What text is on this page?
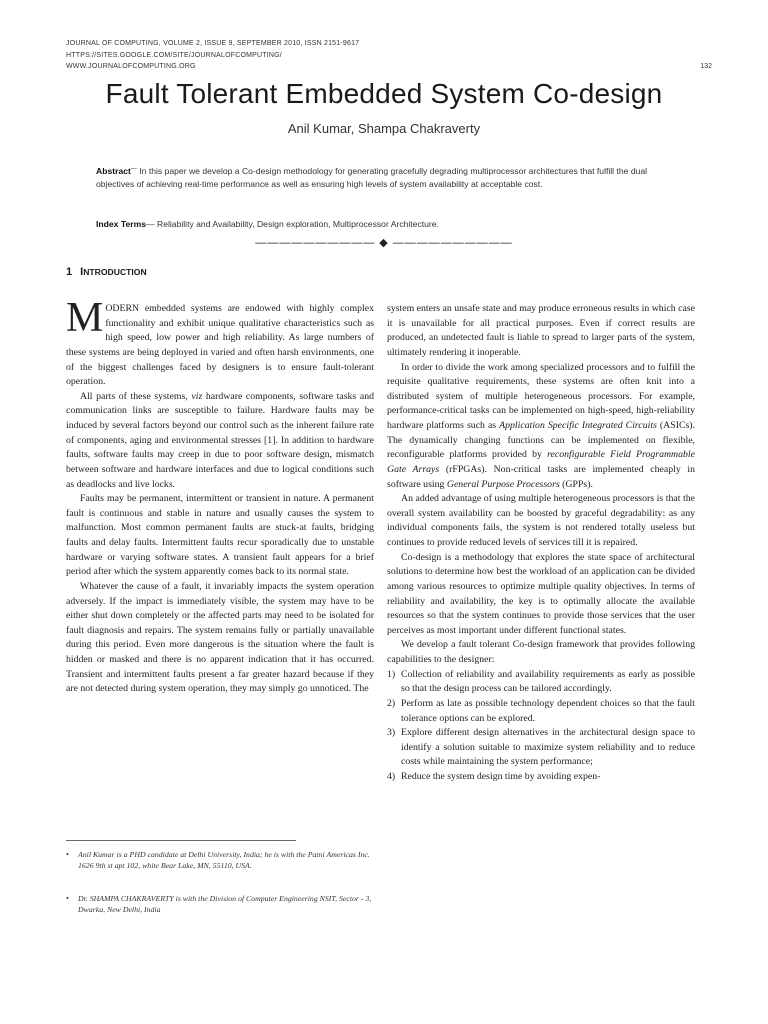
JOURNAL OF COMPUTING, VOLUME 2, ISSUE 9, SEPTEMBER 2010, ISSN 2151-9617
HTTPS://SITES.GOOGLE.COM/SITE/JOURNALOFCOMPUTING/
WWW.JOURNALOFCOMPUTING.ORG	132
Fault Tolerant Embedded System Co-design
Anil Kumar, Shampa Chakraverty
Abstract— In this paper we develop a Co-design methodology for generating gracefully degrading multiprocessor architectures that fulfill the dual objectives of achieving real-time performance as well as ensuring high levels of system availability at acceptable cost.
Index Terms— Reliability and Availability, Design exploration, Multiprocessor Architecture.
—————————— ◆ ——————————
1 INTRODUCTION

MODERN embedded systems are endowed with highly complex functionality and exhibit unique qualitative characteristics such as high speed, low power and high reliability. As large numbers of these systems are being deployed in varied and often harsh environments, one of the biggest challenges faced by designers is to ensure fault-tolerant operation.

All parts of these systems, viz hardware components, software tasks and communication links are susceptible to failure. Hardware faults may be induced by several factors beyond our control such as the inherent failure rate of components, aging and environmental stresses [1]. In addition to hardware faults, software faults may creep in due to poor software design, mismatch between software and hardware interfaces and due to logical conditions such as deadlocks and live locks.

Faults may be permanent, intermittent or transient in nature. A permanent fault is continuous and stable in nature and usually causes the system to malfunction. Most common permanent faults are stuck-at faults, bridging faults and delay faults. Intermittent faults recur sporadically due to unstable hardware or varying software states. A transient fault appears for a brief period after which the system apparently comes back to its normal state.

Whatever the cause of a fault, it invariably impacts the system operation adversely. If the impact is immediately visible, the system may have to be either shut down completely or the affected parts may need to be isolated for fault diagnosis and repairs. The system remains fully or partially unavailable during this period. Even more dangerous is the situation where the fault is hidden or masked and there is no apparent indication that it has occurred. Transient and intermittent faults present a far greater hazard because if they are not detected during system operation, they may simply go unnoticed. The

• Anil Kumar is a PHD candidate at Delhi University, India; he is with the Patni Americas Inc. 1626 9th st apt 102, white Bear Lake, MN, 55110, USA.
• Dr. SHAMPA CHAKRAVERTY is with the Division of Computer Engineering NSIT, Sector - 3, Dwarka, New Delhi, India

system enters an unsafe state and may produce erroneous results in which case it is unavailable for all practical purposes. Even if correct results are produced, an undetected fault is liable to spread to larger parts of the system, ultimately rendering it inoperable.

In order to divide the work among specialized processors and to fulfill the requisite qualitative requirements, these systems are often knit into a distributed system of multiple heterogeneous processors. For example, performance-critical tasks can be implemented on high-speed, high-reliability hardware platforms such as Application Specific Integrated Circuits (ASICs). The dynamically changing functions can be implemented on flexible, reconfigurable platforms provided by reconfigurable Field Programmable Gate Arrays (rFPGAs). Non-critical tasks are implemented cheaply in software using General Purpose Processors (GPPs).

An added advantage of using multiple heterogeneous processors is that the overall system availability can be boosted by graceful degradability: as any individual components fails, the system is not rendered totally useless but continues to provide reduced levels of services till it is repaired.

Co-design is a methodology that explores the state space of architectural solutions to determine how best the workload of an application can be divided among various resources to optimize multiple quality objectives. In terms of reliability and availability, the key is to optimally allocate the available resources so that the system continues to provide those services that the user perceives as most important under different functional states.

We develop a fault tolerant Co-design framework that provides following capabilities to the designer:

1) Collection of reliability and availability requirements as early as possible so that the design process can be tailored accordingly.
2) Perform as late as possible technology dependent choices so that the fault tolerance options can be explored.
3) Explore different design alternatives in the architectural design space to identify a solution suitable to maximize system reliability and to reduce costs while maintaining the system performance;
4) Reduce the system design time by avoiding expen-
